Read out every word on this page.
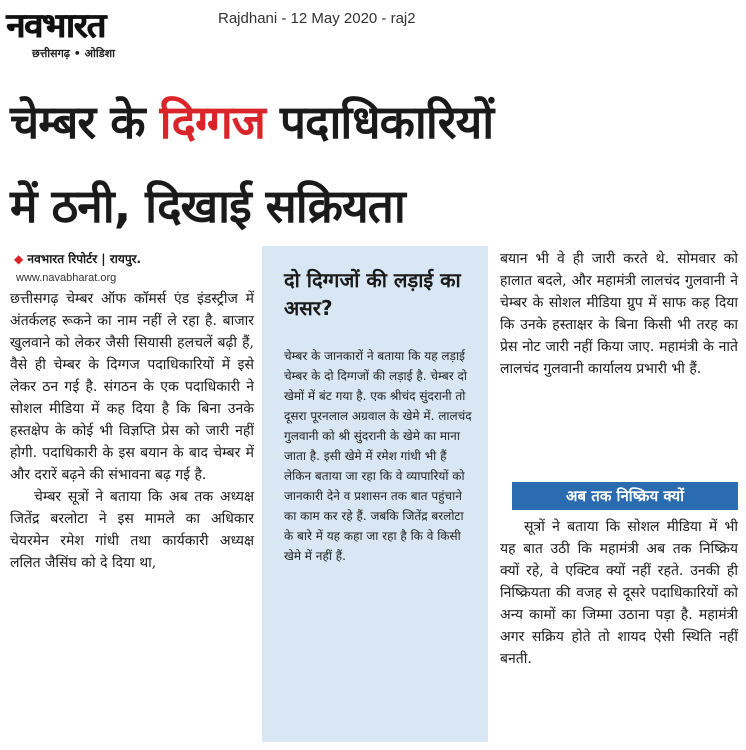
नवभारत
छत्तीसगढ़ • ओडिशा
Rajdhani - 12 May 2020 - raj2
चेम्बर के दिग्गज पदाधिकारियों
में ठनी, दिखाई सक्रियता
◆ नवभारत रिपोर्टर | रायपुर.
www.navabharat.org

छत्तीसगढ़ चेम्बर ऑफ कॉमर्स एंड इंडस्ट्रीज में अंतर्कलह रूकने का नाम नहीं ले रहा है. बाजार खुलवाने को लेकर जैसी सियासी हलचलें बढ़ी हैं, वैसे ही चेम्बर के दिग्गज पदाधिकारियों में इसे लेकर ठन गई है. संगठन के एक पदाधिकारी ने सोशल मीडिया में कह दिया है कि बिना उनके हस्तक्षेप के कोई भी विज्ञप्ति प्रेस को जारी नहीं होगी. पदाधिकारी के इस बयान के बाद चेम्बर में और दरारें बढ़ने की संभावना बढ़ गई है.

चेम्बर सूत्रों ने बताया कि अब तक अध्यक्ष जितेंद्र बरलोटा ने इस मामले का अधिकार चेयरमेन रमेश गांधी तथा कार्यकारी अध्यक्ष ललित जैसिंघ को दे दिया था,

दो दिग्गजों की लड़ाई का असर?
चेम्बर के जानकारों ने बताया कि यह लड़ाई चेम्बर के दो दिग्गजों की लड़ाई है. चेम्बर दो खेमों में बंट गया है. एक श्रीचंद सुंदरानी तो दूसरा पूरनलाल अग्रवाल के खेमे में. लालचंद गुलवानी को श्री सुंदरानी के खेमे का माना जाता है. इसी खेमे में रमेश गांधी भी हैं लेकिन बताया जा रहा कि वे व्यापारियों को जानकारी देने व प्रशासन तक बात पहुंचाने का काम कर रहे हैं. जबकि जितेंद्र बरलोटा के बारे में यह कहा जा रहा है कि वे किसी खेमे में नहीं हैं.

बयान भी वे ही जारी करते थे. सोमवार को हालात बदले, और महामंत्री लालचंद गुलवानी ने चेम्बर के सोशल मीडिया ग्रुप में साफ कह दिया कि उनके हस्ताक्षर के बिना किसी भी तरह का प्रेस नोट जारी नहीं किया जाए. महामंत्री के नाते लालचंद गुलवानी कार्यालय प्रभारी भी हैं.

अब तक निष्क्रिय क्यों

सूत्रों ने बताया कि सोशल मीडिया में भी यह बात उठी कि महामंत्री अब तक निष्क्रिय क्यों रहे, वे एक्टिव क्यों नहीं रहते. उनकी ही निष्क्रियता की वजह से दूसरे पदाधिकारियों को अन्य कामों का जिम्मा उठाना पड़ा है. महामंत्री अगर सक्रिय होते तो शायद ऐसी स्थिति नहीं बनती.
